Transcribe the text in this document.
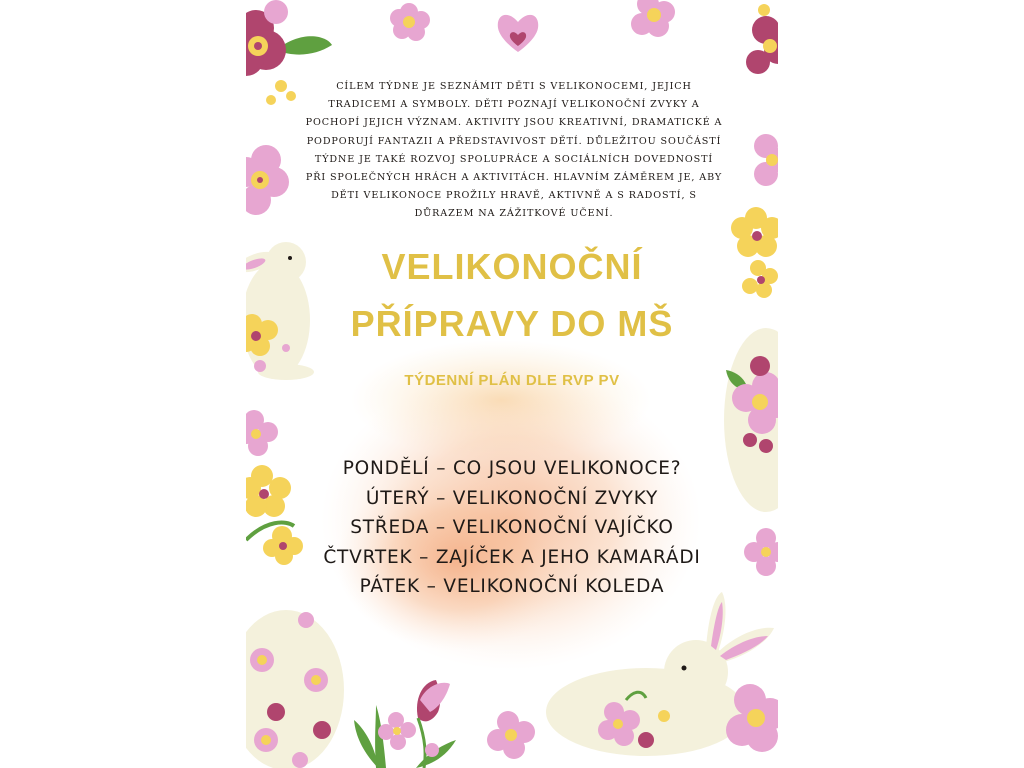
CÍLEM TÝDNE JE SEZNÁMIT DĚTI S VELIKONOCEMI, JEJICH TRADICEMI A SYMBOLY. DĚTI POZNAJÍ VELIKONOČNÍ ZVYKY A POCHOPÍ JEJICH VÝZNAM. AKTIVITY JSOU KREATIVNÍ, DRAMATICKÉ A PODPORUJÍ FANTAZII A PŘEDSTAVIVOST DĚTÍ. DŮLEŽITOU SOUČÁSTÍ TÝDNE JE TAKÉ ROZVOJ SPOLUPRÁCE A SOCIÁLNÍCH DOVEDNOSTÍ PŘI SPOLEČNÝCH HRÁCH A AKTIVITÁCH. HLAVNÍM ZÁMĚREM JE, ABY DĚTI VELIKONOCE PROŽILY HRAVĚ, AKTIVNĚ A S RADOSTÍ, S DŮRAZEM NA ZÁŽITKOVÉ UČENÍ.
VELIKONOČNÍ
PŘÍPRAVY DO MŠ
TÝDENNÍ PLÁN DLE RVP PV
PONDĚLÍ – CO JSOU VELIKONOCE?
ÚTERÝ – VELIKONOČNÍ ZVYKY
STŘEDA – VELIKONOČNÍ VAJÍČKO
ČTVRTEK – ZAJÍČEK A JEHO KAMARÁDI
PÁTEK – VELIKONOČNÍ KOLEDA
